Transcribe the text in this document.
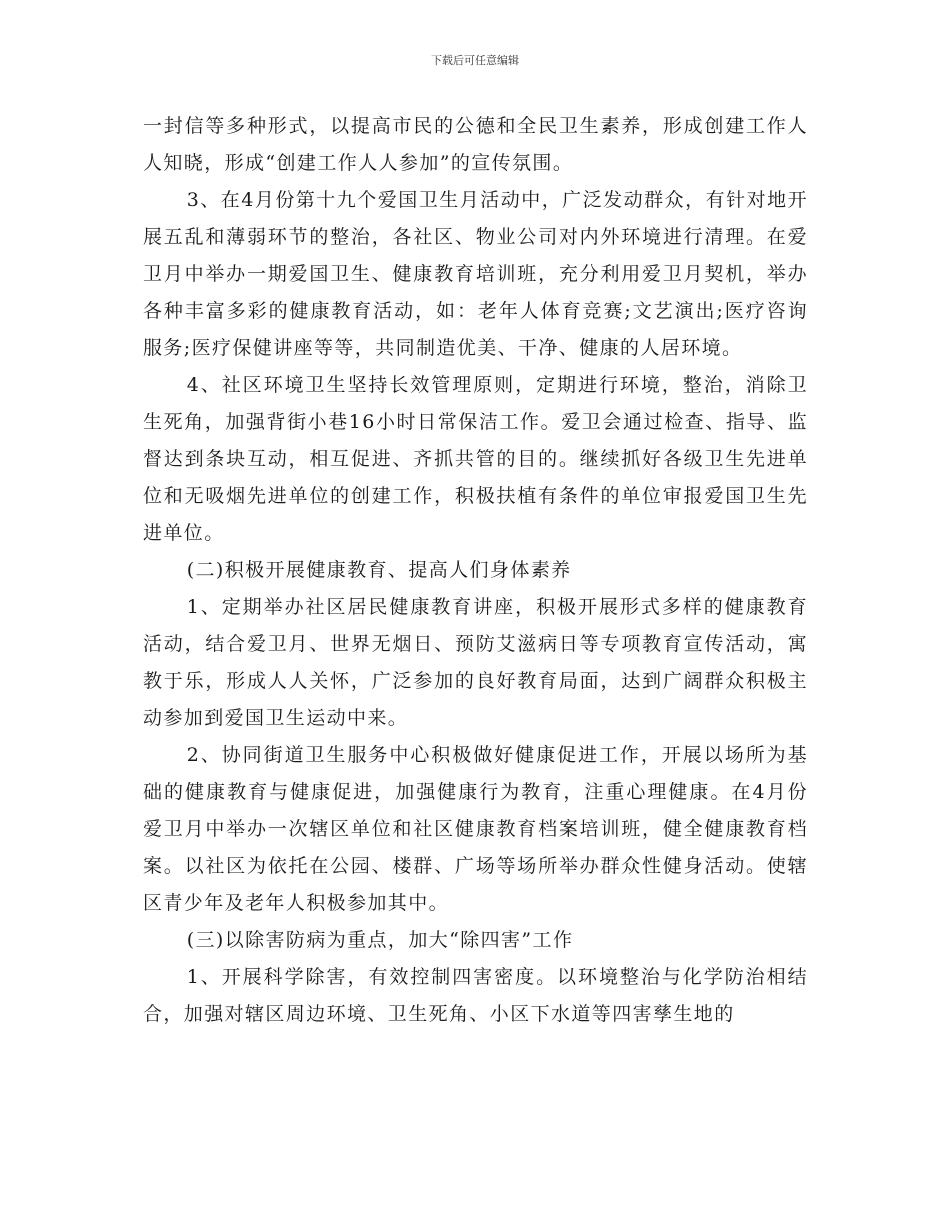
下载后可任意编辑

一封信等多种形式，以提高市民的公德和全民卫生素养，形成创建工作人人知晓，形成“创建工作人人参加”的宣传氛围。

3、在4月份第十九个爱国卫生月活动中，广泛发动群众，有针对地开展五乱和薄弱环节的整治，各社区、物业公司对内外环境进行清理。在爱卫月中举办一期爱国卫生、健康教育培训班，充分利用爱卫月契机，举办各种丰富多彩的健康教育活动，如：老年人体育竞赛;文艺演出;医疗咨询服务;医疗保健讲座等等，共同制造优美、干净、健康的人居环境。

4、社区环境卫生坚持长效管理原则，定期进行环境，整治，消除卫生死角，加强背街小巷16小时日常保洁工作。爱卫会通过检查、指导、监督达到条块互动，相互促进、齐抓共管的目的。继续抓好各级卫生先进单位和无吸烟先进单位的创建工作，积极扶植有条件的单位审报爱国卫生先进单位。

(二)积极开展健康教育、提高人们身体素养

1、定期举办社区居民健康教育讲座，积极开展形式多样的健康教育活动，结合爱卫月、世界无烟日、预防艾滋病日等专项教育宣传活动，寓教于乐，形成人人关怀，广泛参加的良好教育局面，达到广阔群众积极主动参加到爱国卫生运动中来。

2、协同街道卫生服务中心积极做好健康促进工作，开展以场所为基础的健康教育与健康促进，加强健康行为教育，注重心理健康。在4月份爱卫月中举办一次辖区单位和社区健康教育档案培训班，健全健康教育档案。以社区为依托在公园、楼群、广场等场所举办群众性健身活动。使辖区青少年及老年人积极参加其中。

(三)以除害防病为重点，加大“除四害”工作

1、开展科学除害，有效控制四害密度。以环境整治与化学防治相结合，加强对辖区周边环境、卫生死角、小区下水道等四害孳生地的
